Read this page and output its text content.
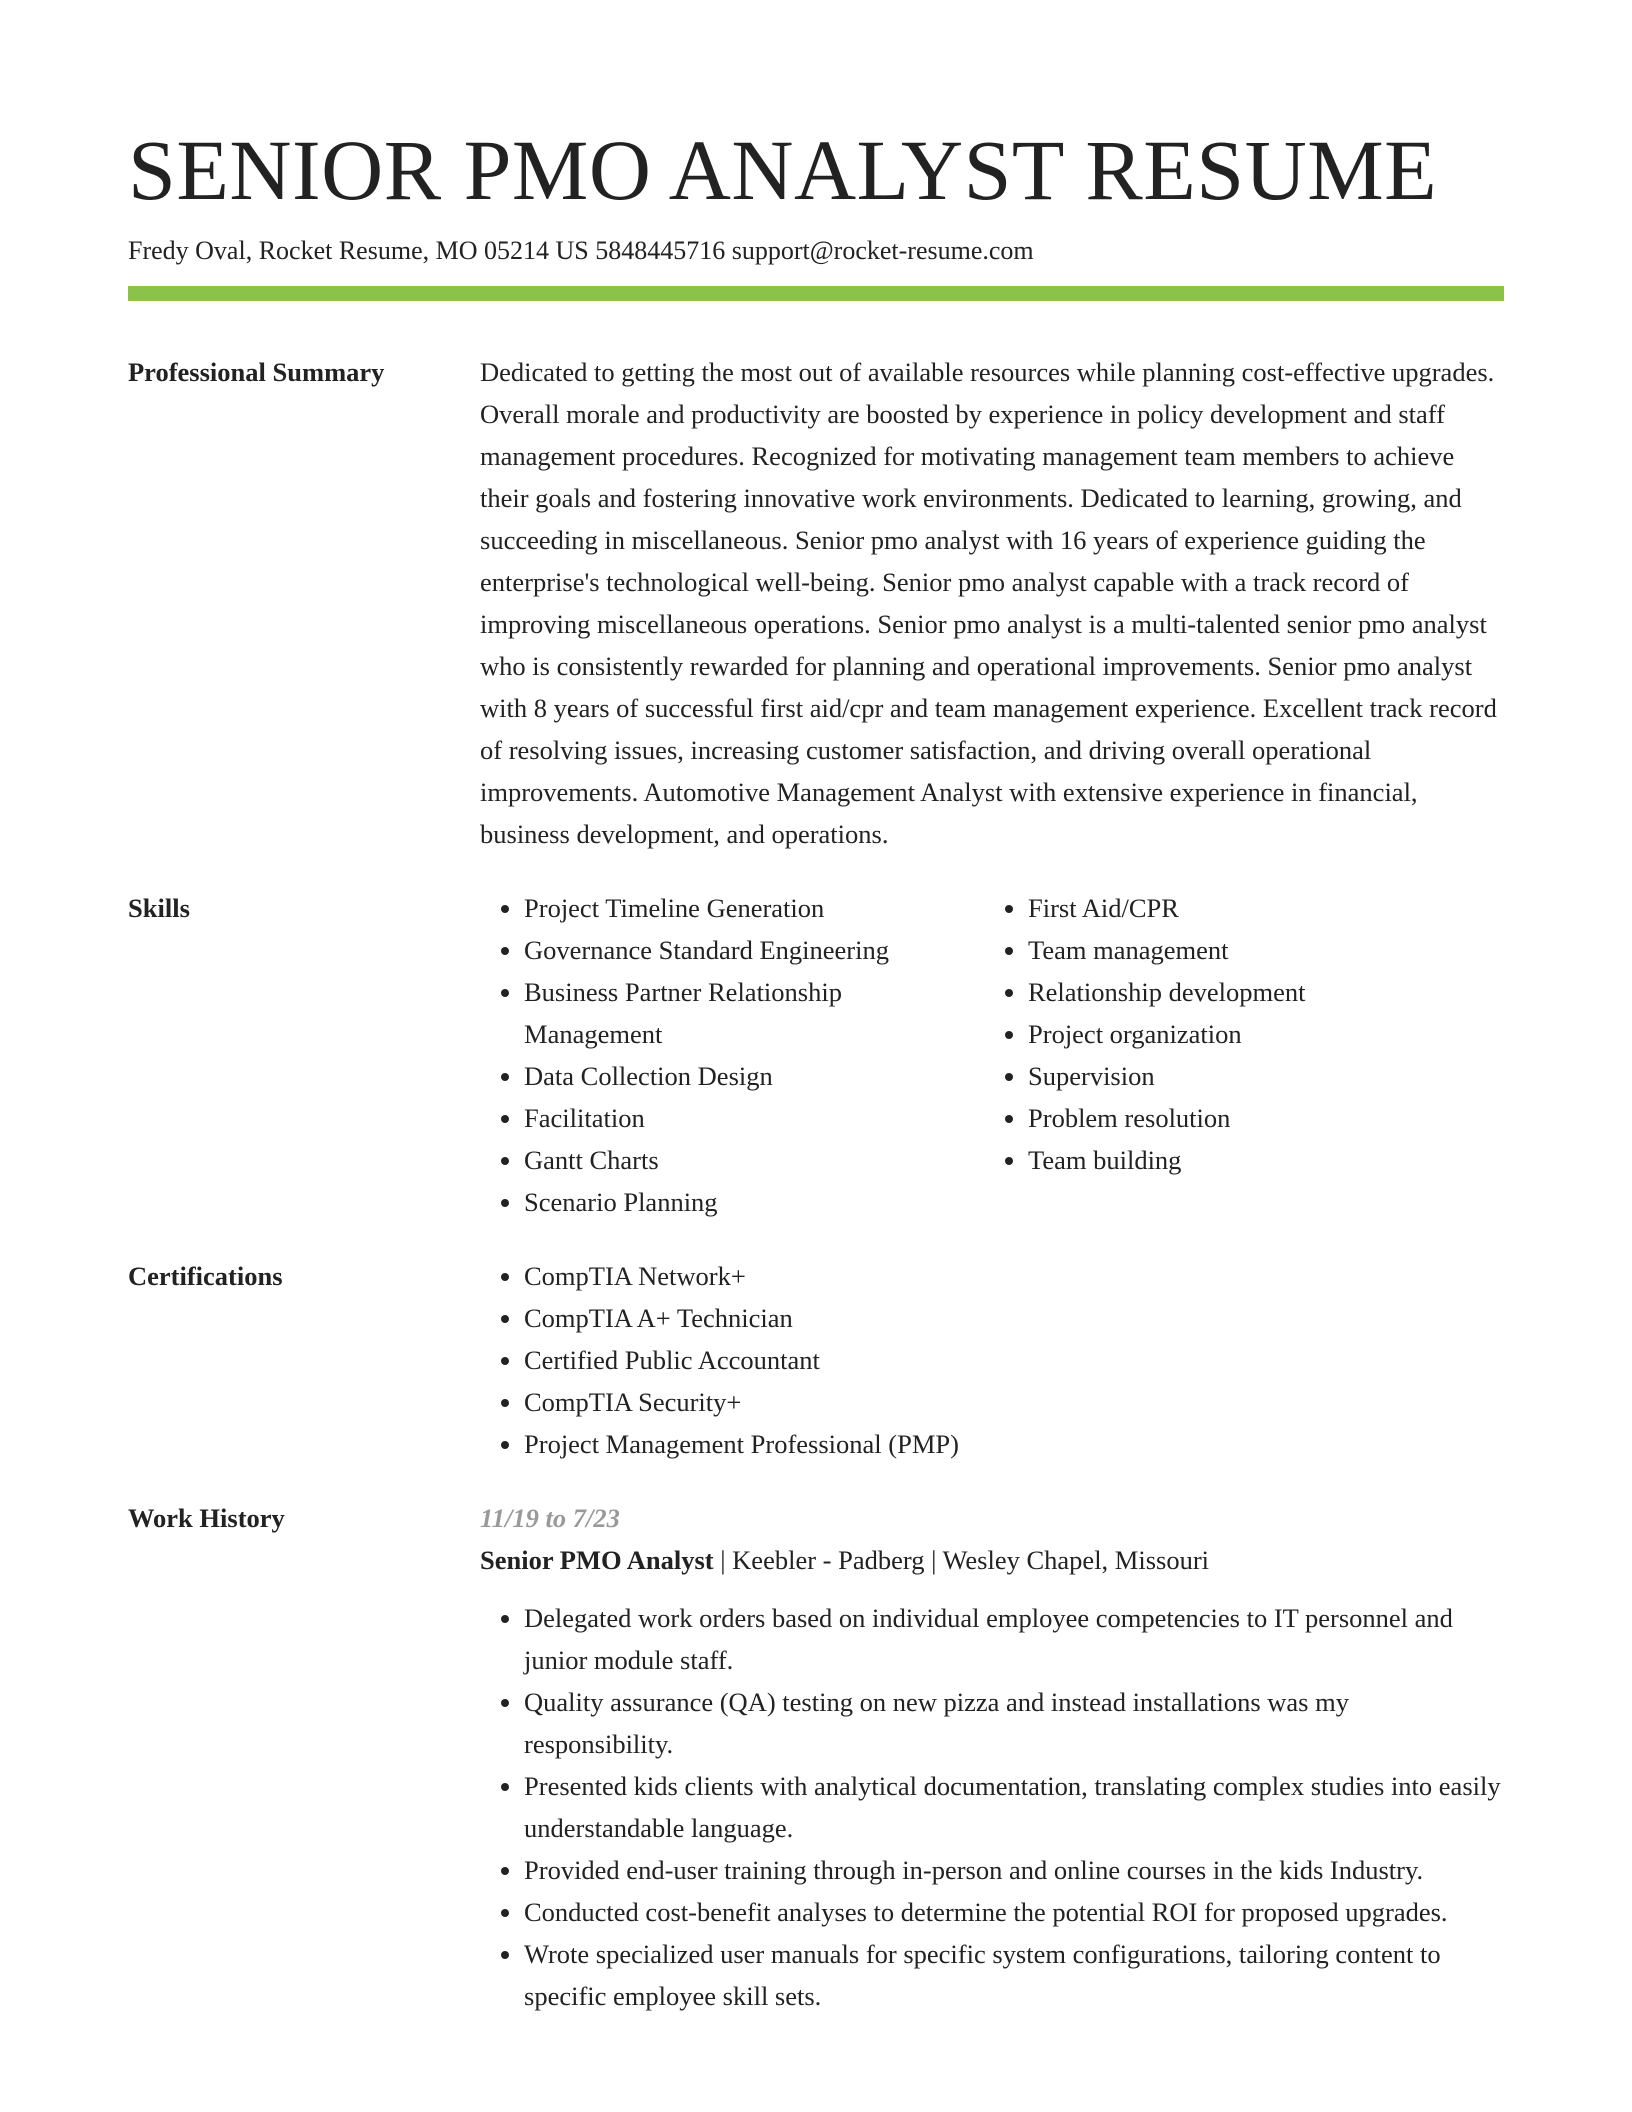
SENIOR PMO ANALYST RESUME
Fredy Oval, Rocket Resume, MO 05214 US 5848445716 support@rocket-resume.com
Professional Summary	Dedicated to getting the most out of available resources while planning cost-effective upgrades. Overall morale and productivity are boosted by experience in policy development and staff management procedures. Recognized for motivating management team members to achieve their goals and fostering innovative work environments. Dedicated to learning, growing, and succeeding in miscellaneous. Senior pmo analyst with 16 years of experience guiding the enterprise's technological well-being. Senior pmo analyst capable with a track record of improving miscellaneous operations. Senior pmo analyst is a multi-talented senior pmo analyst who is consistently rewarded for planning and operational improvements. Senior pmo analyst with 8 years of successful first aid/cpr and team management experience. Excellent track record of resolving issues, increasing customer satisfaction, and driving overall operational improvements. Automotive Management Analyst with extensive experience in financial, business development, and operations.
Skills	• Project Timeline Generation
• Governance Standard Engineering
• Business Partner Relationship Management
• Data Collection Design
• Facilitation
• Gantt Charts
• Scenario Planning
• First Aid/CPR
• Team management
• Relationship development
• Project organization
• Supervision
• Problem resolution
• Team building
Certifications	• CompTIA Network+
• CompTIA A+ Technician
• Certified Public Accountant
• CompTIA Security+
• Project Management Professional (PMP)
Work History	11/19 to 7/23
Senior PMO Analyst | Keebler - Padberg | Wesley Chapel, Missouri
• Delegated work orders based on individual employee competencies to IT personnel and junior module staff.
• Quality assurance (QA) testing on new pizza and instead installations was my responsibility.
• Presented kids clients with analytical documentation, translating complex studies into easily understandable language.
• Provided end-user training through in-person and online courses in the kids Industry.
• Conducted cost-benefit analyses to determine the potential ROI for proposed upgrades.
• Wrote specialized user manuals for specific system configurations, tailoring content to specific employee skill sets.
